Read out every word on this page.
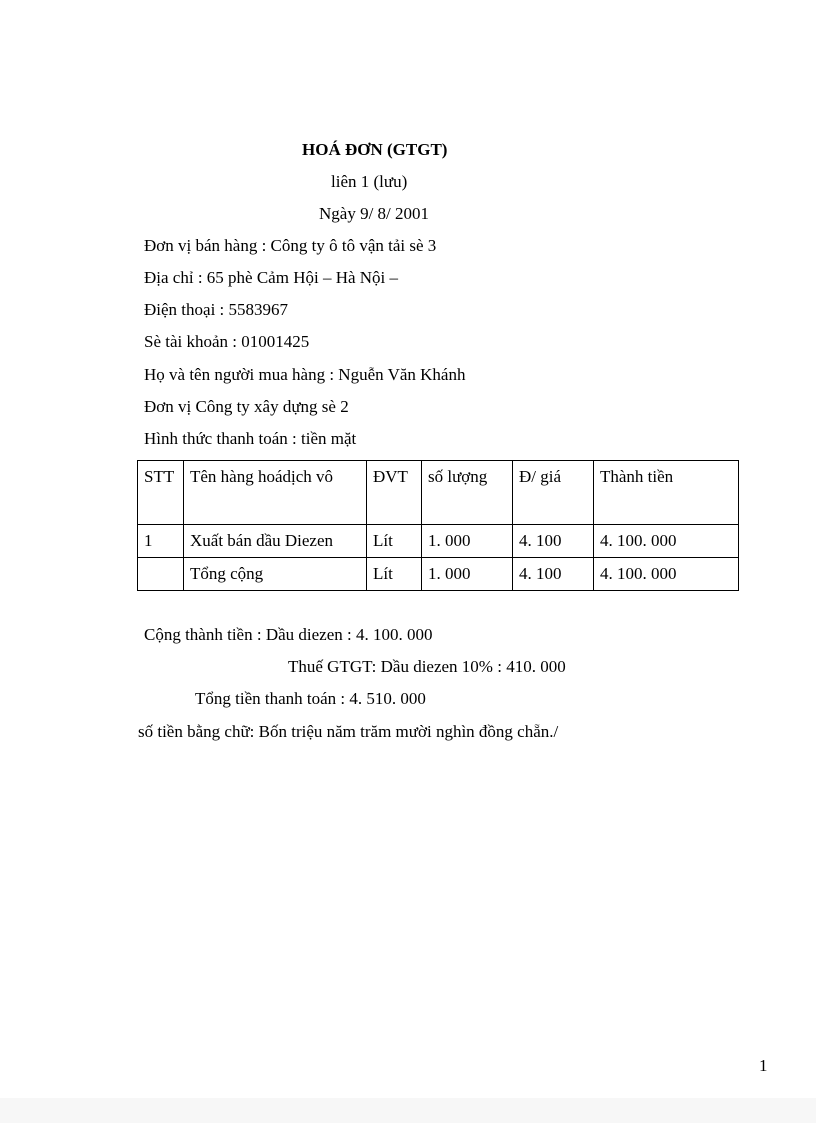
HOÁ ĐƠN (GTGT)
liên 1 (lưu)
Ngày 9/ 8/ 2001
Đơn vị bán hàng : Công ty ô tô vận tải sè 3
Địa chỉ : 65 phè Cảm Hội – Hà Nội –
Điện thoại : 5583967
Sè tài khoản : 01001425
Họ và tên người mua hàng : Nguễn Văn Khánh
Đơn vị Công ty xây dựng sè 2
Hình thức thanh toán : tiền mặt
STT	Tên hàng hoádịch vô	ĐVT	số lượng	Đ/ giá	Thành tiền
1	Xuất bán dầu Diezen	Lít	1. 000	4. 100	4. 100. 000
	Tổng cộng	Lít	1. 000	4. 100	4. 100. 000
Cộng thành tiền : Dầu diezen : 4. 100. 000
Thuế GTGT: Dầu diezen 10% : 410. 000
Tổng tiền thanh toán : 4. 510. 000
số tiền bằng chữ: Bốn triệu năm trăm mười nghìn đồng chẵn./
1
